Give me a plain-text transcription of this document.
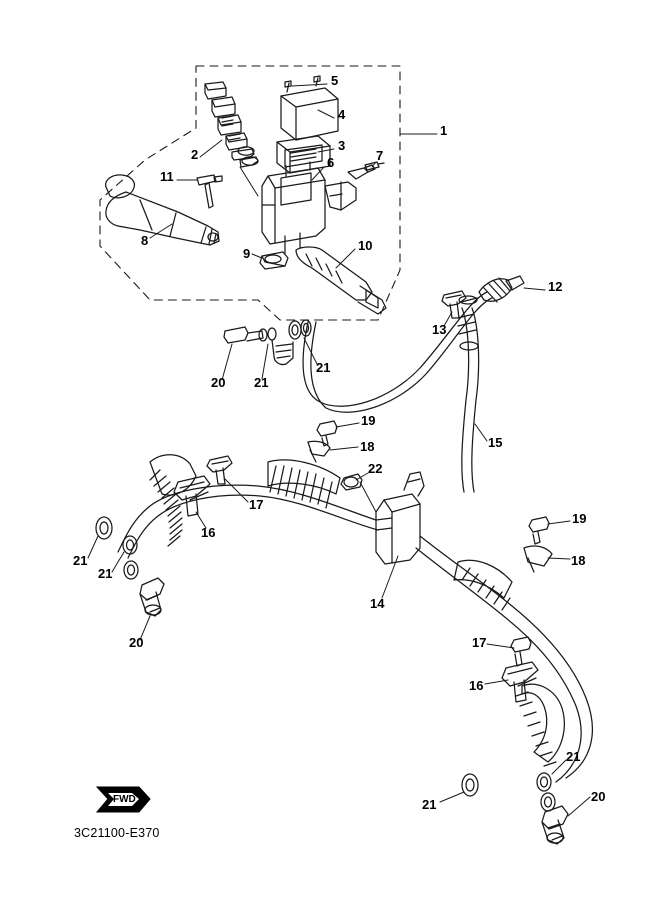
1
2
3
4
5
6	7
8
9
10
11
12
13
14
15
16
16
17
17
18
18
19
19
20
20
20
21
21
21
21
21
21
22
FWD
3C21100-E370
